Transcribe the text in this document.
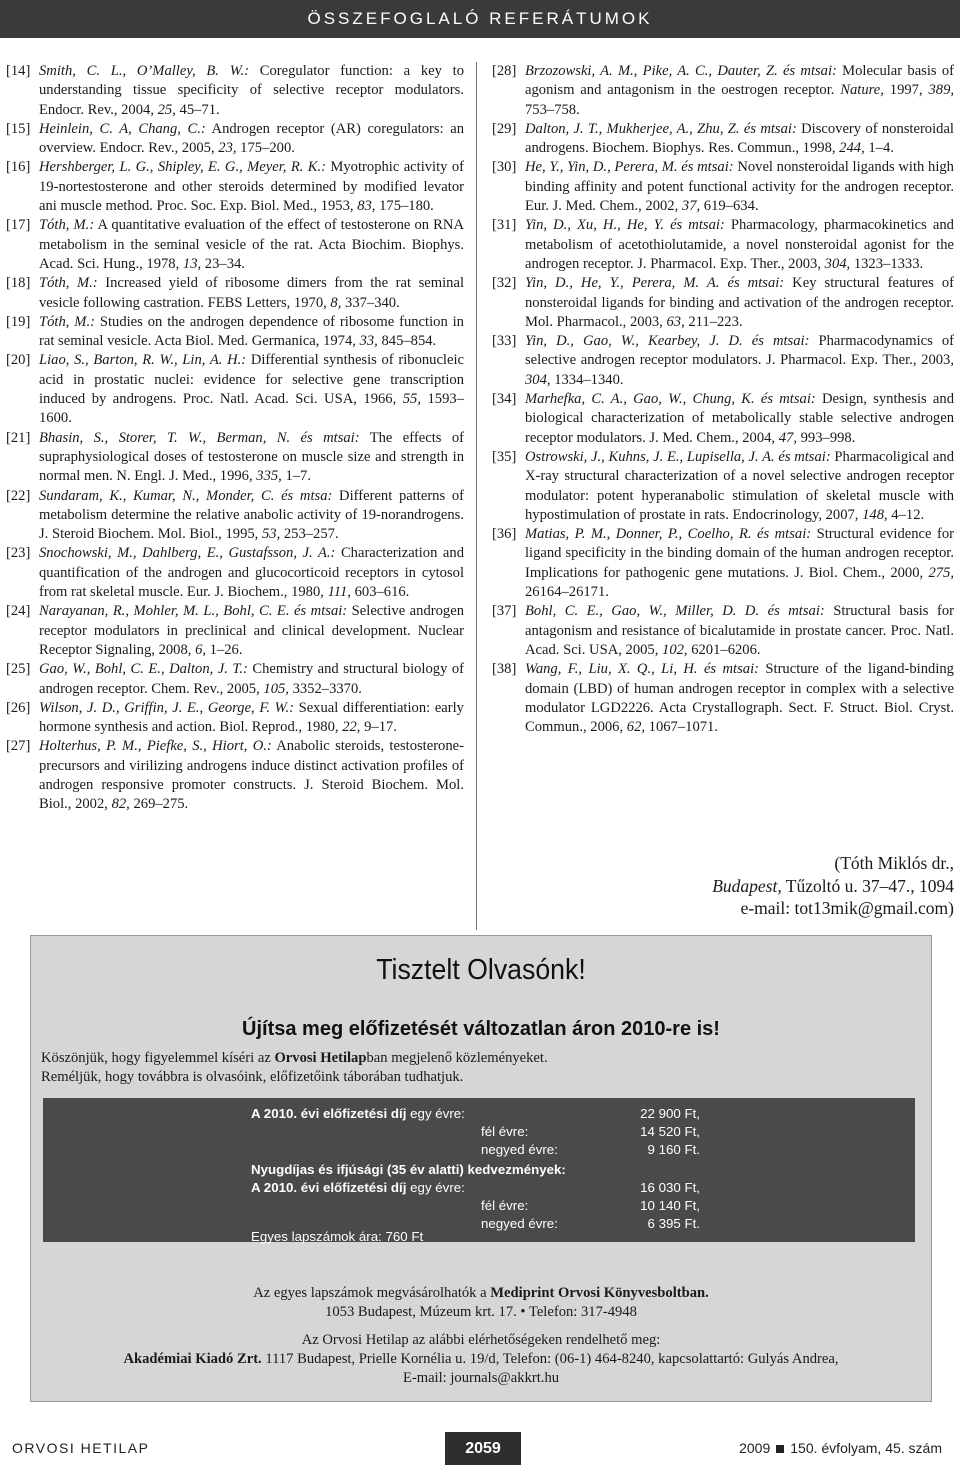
ÖSSZEFOGLALÓ REFERÁTUMOK
[14] Smith, C. L., O’Malley, B. W.: Coregulator function: a key to understanding tissue specificity of selective receptor modulators. Endocr. Rev., 2004, 25, 45–71.
[15] Heinlein, C. A, Chang, C.: Androgen receptor (AR) coregulators: an overview. Endocr. Rev., 2005, 23, 175–200.
[16] Hershberger, L. G., Shipley, E. G., Meyer, R. K.: Myotrophic activity of 19-nortestosterone and other steroids determined by modified levator ani muscle method. Proc. Soc. Exp. Biol. Med., 1953, 83, 175–180.
[17] Tóth, M.: A quantitative evaluation of the effect of testosterone on RNA metabolism in the seminal vesicle of the rat. Acta Biochim. Biophys. Acad. Sci. Hung., 1978, 13, 23–34.
[18] Tóth, M.: Increased yield of ribosome dimers from the rat seminal vesicle following castration. FEBS Letters, 1970, 8, 337–340.
[19] Tóth, M.: Studies on the androgen dependence of ribosome function in rat seminal vesicle. Acta Biol. Med. Germanica, 1974, 33, 845–854.
[20] Liao, S., Barton, R. W., Lin, A. H.: Differential synthesis of ribonucleic acid in prostatic nuclei: evidence for selective gene transcription induced by androgens. Proc. Natl. Acad. Sci. USA, 1966, 55, 1593–1600.
[21] Bhasin, S., Storer, T. W., Berman, N. és mtsai: The effects of supraphysiological doses of testosterone on muscle size and strength in normal men. N. Engl. J. Med., 1996, 335, 1–7.
[22] Sundaram, K., Kumar, N., Monder, C. és mtsa: Different patterns of metabolism determine the relative anabolic activity of 19-norandrogens. J. Steroid Biochem. Mol. Biol., 1995, 53, 253–257.
[23] Snochowski, M., Dahlberg, E., Gustafsson, J. A.: Characterization and quantification of the androgen and glucocorticoid receptors in cytosol from rat skeletal muscle. Eur. J. Biochem., 1980, 111, 603–616.
[24] Narayanan, R., Mohler, M. L., Bohl, C. E. és mtsai: Selective androgen receptor modulators in preclinical and clinical development. Nuclear Receptor Signaling, 2008, 6, 1–26.
[25] Gao, W., Bohl, C. E., Dalton, J. T.: Chemistry and structural biology of androgen receptor. Chem. Rev., 2005, 105, 3352–3370.
[26] Wilson, J. D., Griffin, J. E., George, F. W.: Sexual differentiation: early hormone synthesis and action. Biol. Reprod., 1980, 22, 9–17.
[27] Holterhus, P. M., Piefke, S., Hiort, O.: Anabolic steroids, testosterone-precursors and virilizing androgens induce distinct activation profiles of androgen responsive promoter constructs. J. Steroid Biochem. Mol. Biol., 2002, 82, 269–275.
[28] Brzozowski, A. M., Pike, A. C., Dauter, Z. és mtsai: Molecular basis of agonism and antagonism in the oestrogen receptor. Nature, 1997, 389, 753–758.
[29] Dalton, J. T., Mukherjee, A., Zhu, Z. és mtsai: Discovery of nonsteroidal androgens. Biochem. Biophys. Res. Commun., 1998, 244, 1–4.
[30] He, Y., Yin, D., Perera, M. és mtsai: Novel nonsteroidal ligands with high binding affinity and potent functional activity for the androgen receptor. Eur. J. Med. Chem., 2002, 37, 619–634.
[31] Yin, D., Xu, H., He, Y. és mtsai: Pharmacology, pharmacokinetics and metabolism of acetothiolutamide, a novel nonsteroidal agonist for the androgen receptor. J. Pharmacol. Exp. Ther., 2003, 304, 1323–1333.
[32] Yin, D., He, Y., Perera, M. A. és mtsai: Key structural features of nonsteroidal ligands for binding and activation of the androgen receptor. Mol. Pharmacol., 2003, 63, 211–223.
[33] Yin, D., Gao, W., Kearbey, J. D. és mtsai: Pharmacodynamics of selective androgen receptor modulators. J. Pharmacol. Exp. Ther., 2003, 304, 1334–1340.
[34] Marhefka, C. A., Gao, W., Chung, K. és mtsai: Design, synthesis and biological characterization of metabolically stable selective androgen receptor modulators. J. Med. Chem., 2004, 47, 993–998.
[35] Ostrowski, J., Kuhns, J. E., Lupisella, J. A. és mtsai: Pharmacoligical and X-ray structural characterization of a novel selective androgen receptor modulator: potent hyperanabolic stimulation of skeletal muscle with hypostimulation of prostate in rats. Endocrinology, 2007, 148, 4–12.
[36] Matias, P. M., Donner, P., Coelho, R. és mtsai: Structural evidence for ligand specificity in the binding domain of the human androgen receptor. Implications for pathogenic gene mutations. J. Biol. Chem., 2000, 275, 26164–26171.
[37] Bohl, C. E., Gao, W., Miller, D. D. és mtsai: Structural basis for antagonism and resistance of bicalutamide in prostate cancer. Proc. Natl. Acad. Sci. USA, 2005, 102, 6201–6206.
[38] Wang, F., Liu, X. Q., Li, H. és mtsai: Structure of the ligand-binding domain (LBD) of human androgen receptor in complex with a selective modulator LGD2226. Acta Crystallograph. Sect. F. Struct. Biol. Cryst. Commun., 2006, 62, 1067–1071.
(Tóth Miklós dr.,
Budapest, Tűzoltó u. 37–47., 1094
e-mail: tot13mik@gmail.com)
Tisztelt Olvasónk!
Újítsa meg előfizetését változatlan áron 2010-re is!
Köszönjük, hogy figyelemmel kíséri az Orvosi Hetilapban megjelenő közleményeket.
Reméljük, hogy továbbra is olvasóink, előfizetőink táborában tudhatjuk.
A 2010. évi előfizetési díj egy évre:	22 900 Ft,
fél évre:	14 520 Ft,
negyed évre:	9 160 Ft.
Nyugdíjas és ifjúsági (35 év alatti) kedvezmények:
A 2010. évi előfizetési díj egy évre:	16 030 Ft,
fél évre:	10 140 Ft,
negyed évre:	6 395 Ft.
Egyes lapszámok ára: 760 Ft
Az egyes lapszámok megvásárolhatók a Mediprint Orvosi Könyvesboltban.
1053 Budapest, Múzeum krt. 17. • Telefon: 317-4948
Az Orvosi Hetilap az alábbi elérhetőségeken rendelhető meg:
Akadémiai Kiadó Zrt. 1117 Budapest, Prielle Kornélia u. 19/d, Telefon: (06-1) 464-8240, kapcsolattartó: Gulyás Andrea,
E-mail: journals@akkrt.hu
ORVOSI HETILAP	2059	2009 150. évfolyam, 45. szám
